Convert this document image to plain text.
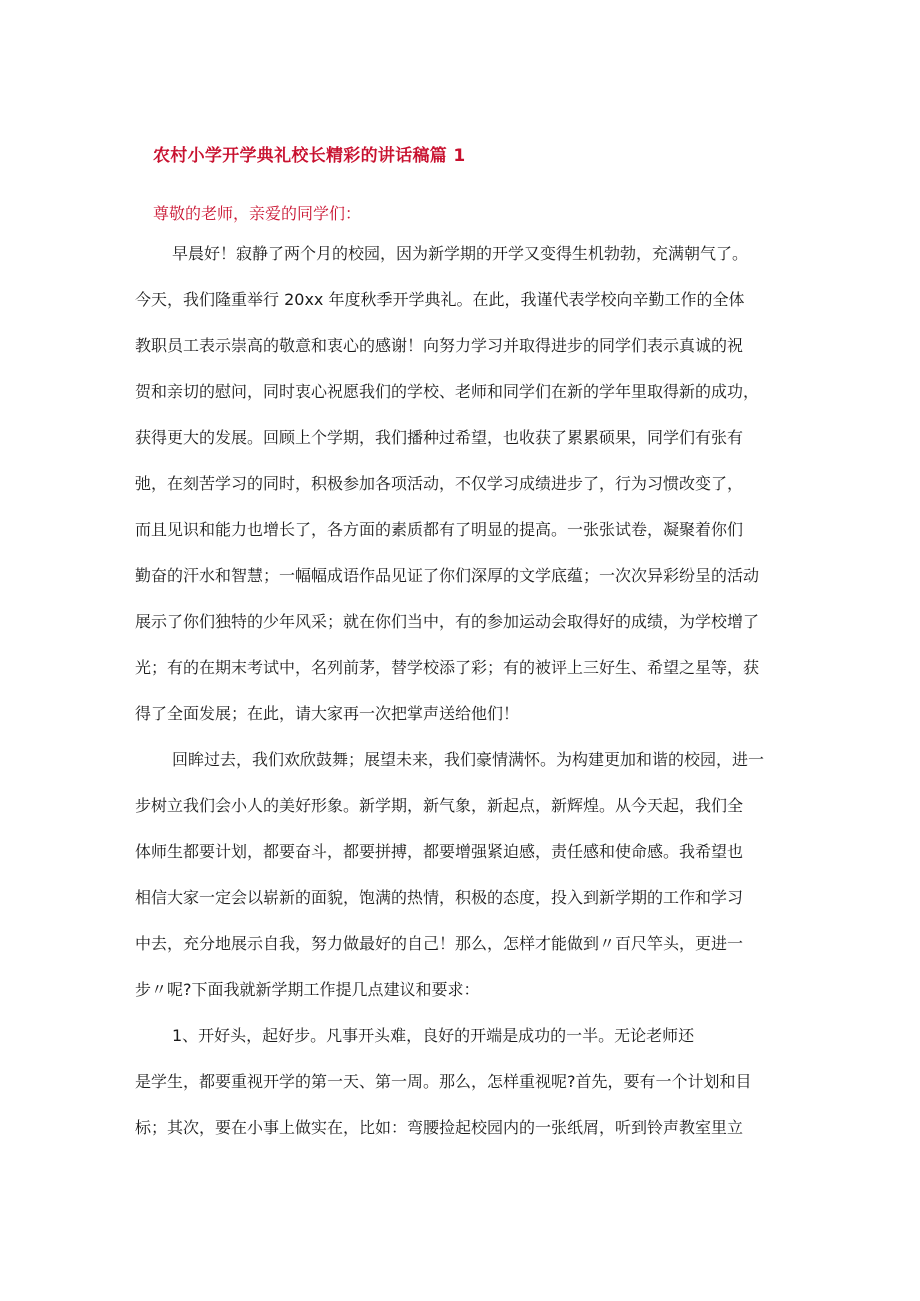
农村小学开学典礼校长精彩的讲话稿篇 1
尊敬的老师，亲爱的同学们：
早晨好！寂静了两个月的校园，因为新学期的开学又变得生机勃勃，充满朝气了。
今天，我们隆重举行 20xx 年度秋季开学典礼。在此，我谨代表学校向辛勤工作的全体
教职员工表示崇高的敬意和衷心的感谢！向努力学习并取得进步的同学们表示真诚的祝
贺和亲切的慰问，同时衷心祝愿我们的学校、老师和同学们在新的学年里取得新的成功，
获得更大的发展。回顾上个学期，我们播种过希望，也收获了累累硕果，同学们有张有
弛，在刻苦学习的同时，积极参加各项活动，不仅学习成绩进步了，行为习惯改变了，
而且见识和能力也增长了，各方面的素质都有了明显的提高。一张张试卷，凝聚着你们
勤奋的汗水和智慧；一幅幅成语作品见证了你们深厚的文学底蕴；一次次异彩纷呈的活动
展示了你们独特的少年风采；就在你们当中，有的参加运动会取得好的成绩，为学校增了
光；有的在期末考试中，名列前茅，替学校添了彩；有的被评上三好生、希望之星等，获
得了全面发展；在此，请大家再一次把掌声送给他们！
回眸过去，我们欢欣鼓舞；展望未来，我们豪情满怀。为构建更加和谐的校园，进一
步树立我们会小人的美好形象。新学期，新气象，新起点，新辉煌。从今天起，我们全
体师生都要计划，都要奋斗，都要拼搏，都要增强紧迫感，责任感和使命感。我希望也
相信大家一定会以崭新的面貌，饱满的热情，积极的态度，投入到新学期的工作和学习
中去，充分地展示自我，努力做最好的自己！那么，怎样才能做到〃百尺竿头，更进一
步〃呢?下面我就新学期工作提几点建议和要求：
1、开好头，起好步。凡事开头难，良好的开端是成功的一半。无论老师还
是学生，都要重视开学的第一天、第一周。那么，怎样重视呢?首先，要有一个计划和目
标；其次，要在小事上做实在，比如：弯腰捡起校园内的一张纸屑，听到铃声教室里立
